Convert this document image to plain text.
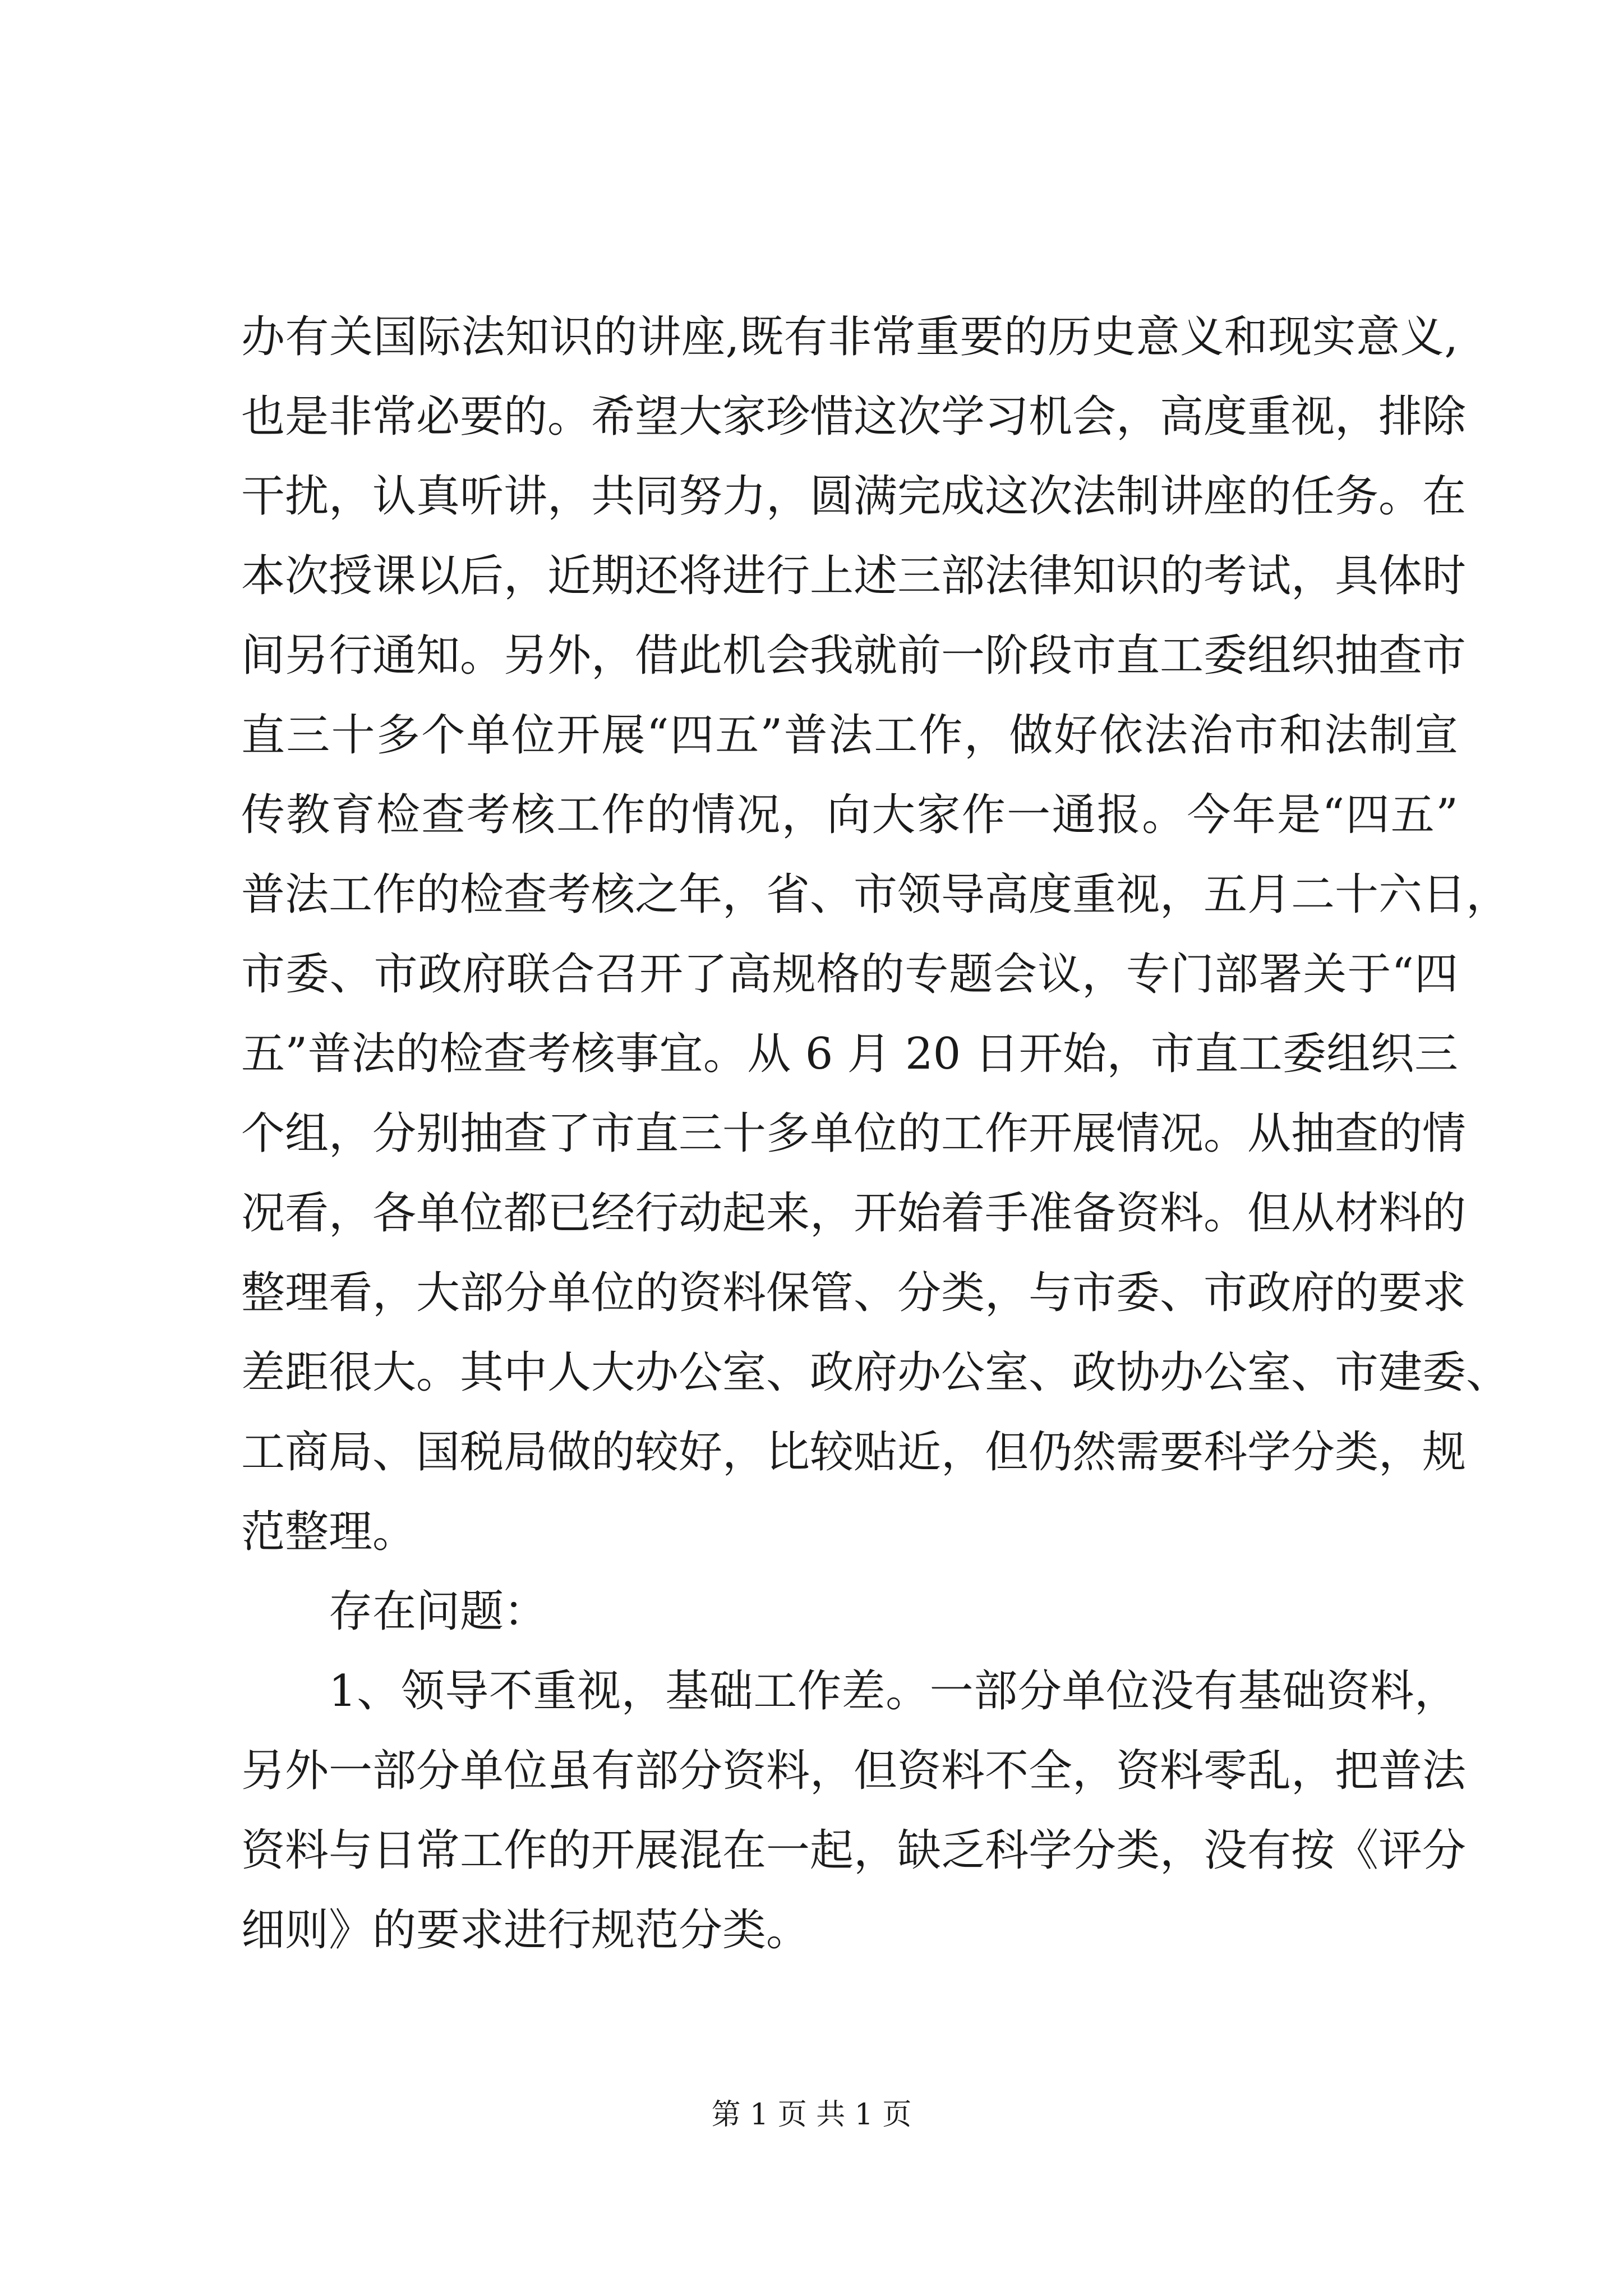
办有关国际法知识的讲座,既有非常重要的历史意义和现实意义,
也是非常必要的。希望大家珍惜这次学习机会，高度重视，排除
干扰，认真听讲，共同努力，圆满完成这次法制讲座的任务。在
本次授课以后，近期还将进行上述三部法律知识的考试，具体时
间另行通知。另外，借此机会我就前一阶段市直工委组织抽查市
直三十多个单位开展“四五”普法工作，做好依法治市和法制宣
传教育检查考核工作的情况，向大家作一通报。今年是“四五”
普法工作的检查考核之年，省、市领导高度重视，五月二十六日，
市委、市政府联合召开了高规格的专题会议，专门部署关于“四
五”普法的检查考核事宜。从 6 月 20 日开始，市直工委组织三
个组，分别抽查了市直三十多单位的工作开展情况。从抽查的情
况看，各单位都已经行动起来，开始着手准备资料。但从材料的
整理看，大部分单位的资料保管、分类，与市委、市政府的要求
差距很大。其中人大办公室、政府办公室、政协办公室、市建委、
工商局、国税局做的较好，比较贴近，但仍然需要科学分类，规
范整理。
存在问题：
1、领导不重视，基础工作差。一部分单位没有基础资料，
另外一部分单位虽有部分资料，但资料不全，资料零乱，把普法
资料与日常工作的开展混在一起，缺乏科学分类，没有按《评分
细则》的要求进行规范分类。
第 1 页 共 1 页
